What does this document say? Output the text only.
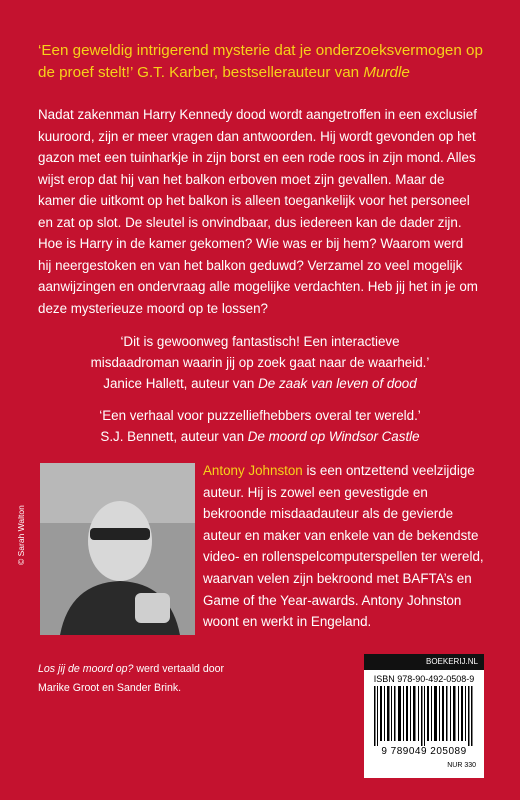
‘Een geweldig intrigerend mysterie dat je onderzoeksvermogen op de proef stelt!’ G.T. Karber, bestsellerauteur van Murdle
Nadat zakenman Harry Kennedy dood wordt aangetroffen in een exclusief kuuroord, zijn er meer vragen dan antwoorden. Hij wordt gevonden op het gazon met een tuinharkje in zijn borst en een rode roos in zijn mond. Alles wijst erop dat hij van het balkon erboven moet zijn gevallen. Maar de kamer die uitkomt op het balkon is alleen toegankelijk voor het personeel en zat op slot. De sleutel is onvindbaar, dus iedereen kan de dader zijn.
Hoe is Harry in de kamer gekomen? Wie was er bij hem? Waarom werd hij neergestoken en van het balkon geduwd? Verzamel zo veel mogelijk aanwijzingen en ondervraag alle mogelijke verdachten. Heb jij het in je om deze mysterieuze moord op te lossen?
‘Dit is gewoonweg fantastisch! Een interactieve
misdaadroman waarin jij op zoek gaat naar de waarheid.’
Janice Hallett, auteur van De zaak van leven of dood
‘Een verhaal voor puzzelliefhebbers overal ter wereld.’
S.J. Bennett, auteur van De moord op Windsor Castle
© Sarah Walton
Antony Johnston is een ontzettend veelzijdige auteur. Hij is zowel een gevestigde en bekroonde misdaadauteur als de gevierde auteur en maker van enkele van de bekendste video- en rollenspelcomputerspellen ter wereld, waarvan velen zijn bekroond met BAFTA’s en Game of the Year-awards. Antony Johnston woont en werkt in Engeland.
Los jij de moord op? werd vertaald door
Marike Groot en Sander Brink.
BOEKERIJ.NL
ISBN 978-90-492-0508-9
9 789049 205089
NUR 330
